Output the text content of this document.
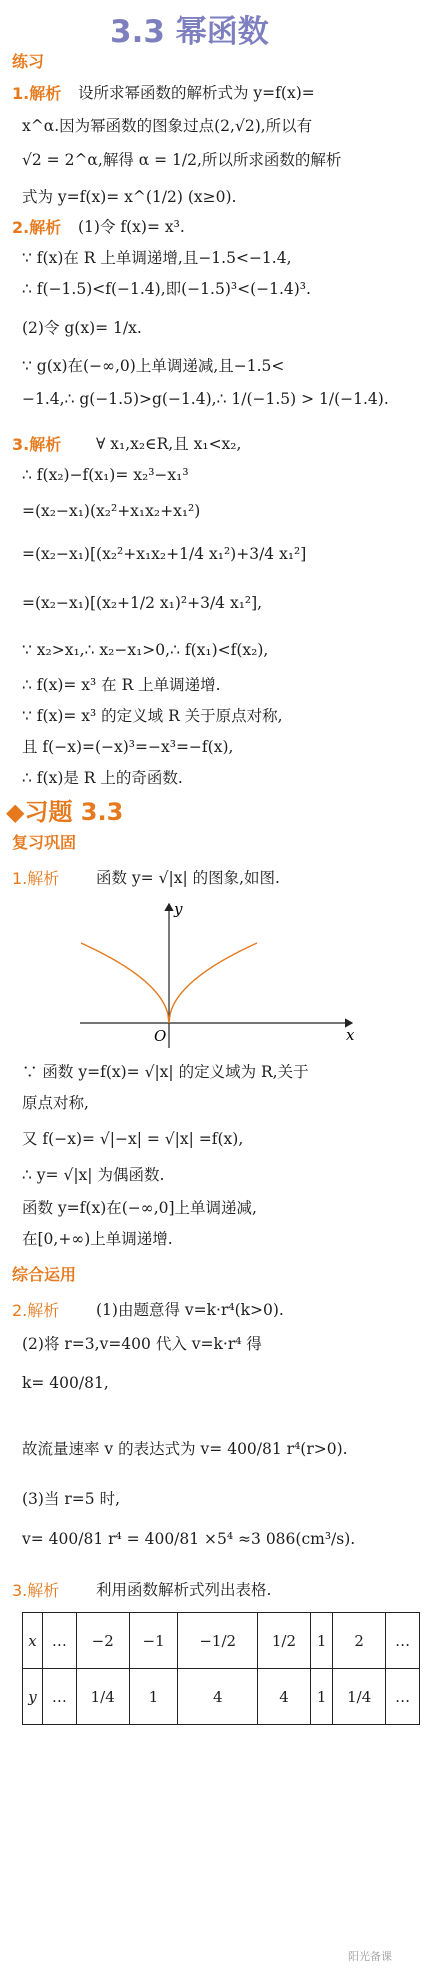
3.3 幂函数
练习
1.解析 设所求幂函数的解析式为 y=f(x)=
x^α.因为幂函数的图象过点(2,√2),所以有
√2 = 2^α,解得 α = 1/2,所以所求函数的解析
式为 y=f(x)= x^(1/2) (x≥0).
2.解析 (1)令 f(x)= x³.
∵ f(x)在 R 上单调递增,且−1.5<−1.4,
∴ f(−1.5)<f(−1.4),即(−1.5)³<(−1.4)³.
(2)令 g(x)= 1/x.
∵ g(x)在(−∞,0)上单调递减,且−1.5<
−1.4,∴ g(−1.5)>g(−1.4),∴ 1/(−1.5) > 1/(−1.4).
3.解析 ∀ x₁,x₂∈R,且 x₁<x₂,
∴ f(x₂)−f(x₁)= x₂³−x₁³
=(x₂−x₁)(x₂²+x₁x₂+x₁²)
=(x₂−x₁)[(x₂²+x₁x₂+1/4 x₁²)+3/4 x₁²]
=(x₂−x₁)[(x₂+1/2 x₁)²+3/4 x₁²],
∵ x₂>x₁,∴ x₂−x₁>0,∴ f(x₁)<f(x₂),
∴ f(x)= x³ 在 R 上单调递增.
∵ f(x)= x³ 的定义域 R 关于原点对称,
且 f(−x)=(−x)³=−x³=−f(x),
∴ f(x)是 R 上的奇函数.
◆习题 3.3
复习巩固
1.解析 函数 y= √|x| 的图象,如图.
y
x
O
∵ 函数 y=f(x)= √|x| 的定义域为 R,关于
原点对称,
又 f(−x)= √|−x| = √|x| =f(x),
∴ y= √|x| 为偶函数.
函数 y=f(x)在(−∞,0]上单调递减,
在[0,+∞)上单调递增.
综合运用
2.解析 (1)由题意得 v=k·r⁴(k>0).
(2)将 r=3,v=400 代入 v=k·r⁴ 得
k= 400/81,
故流量速率 v 的表达式为 v= 400/81 r⁴(r>0).
(3)当 r=5 时,
v= 400/81 r⁴ = 400/81 ×5⁴ ≈3 086(cm³/s).
3.解析 利用函数解析式列出表格.
x	…	−2	−1	−1/2	1/2	1	2	…
y	…	1/4	1	4	4	1	1/4	…
阳光备课
